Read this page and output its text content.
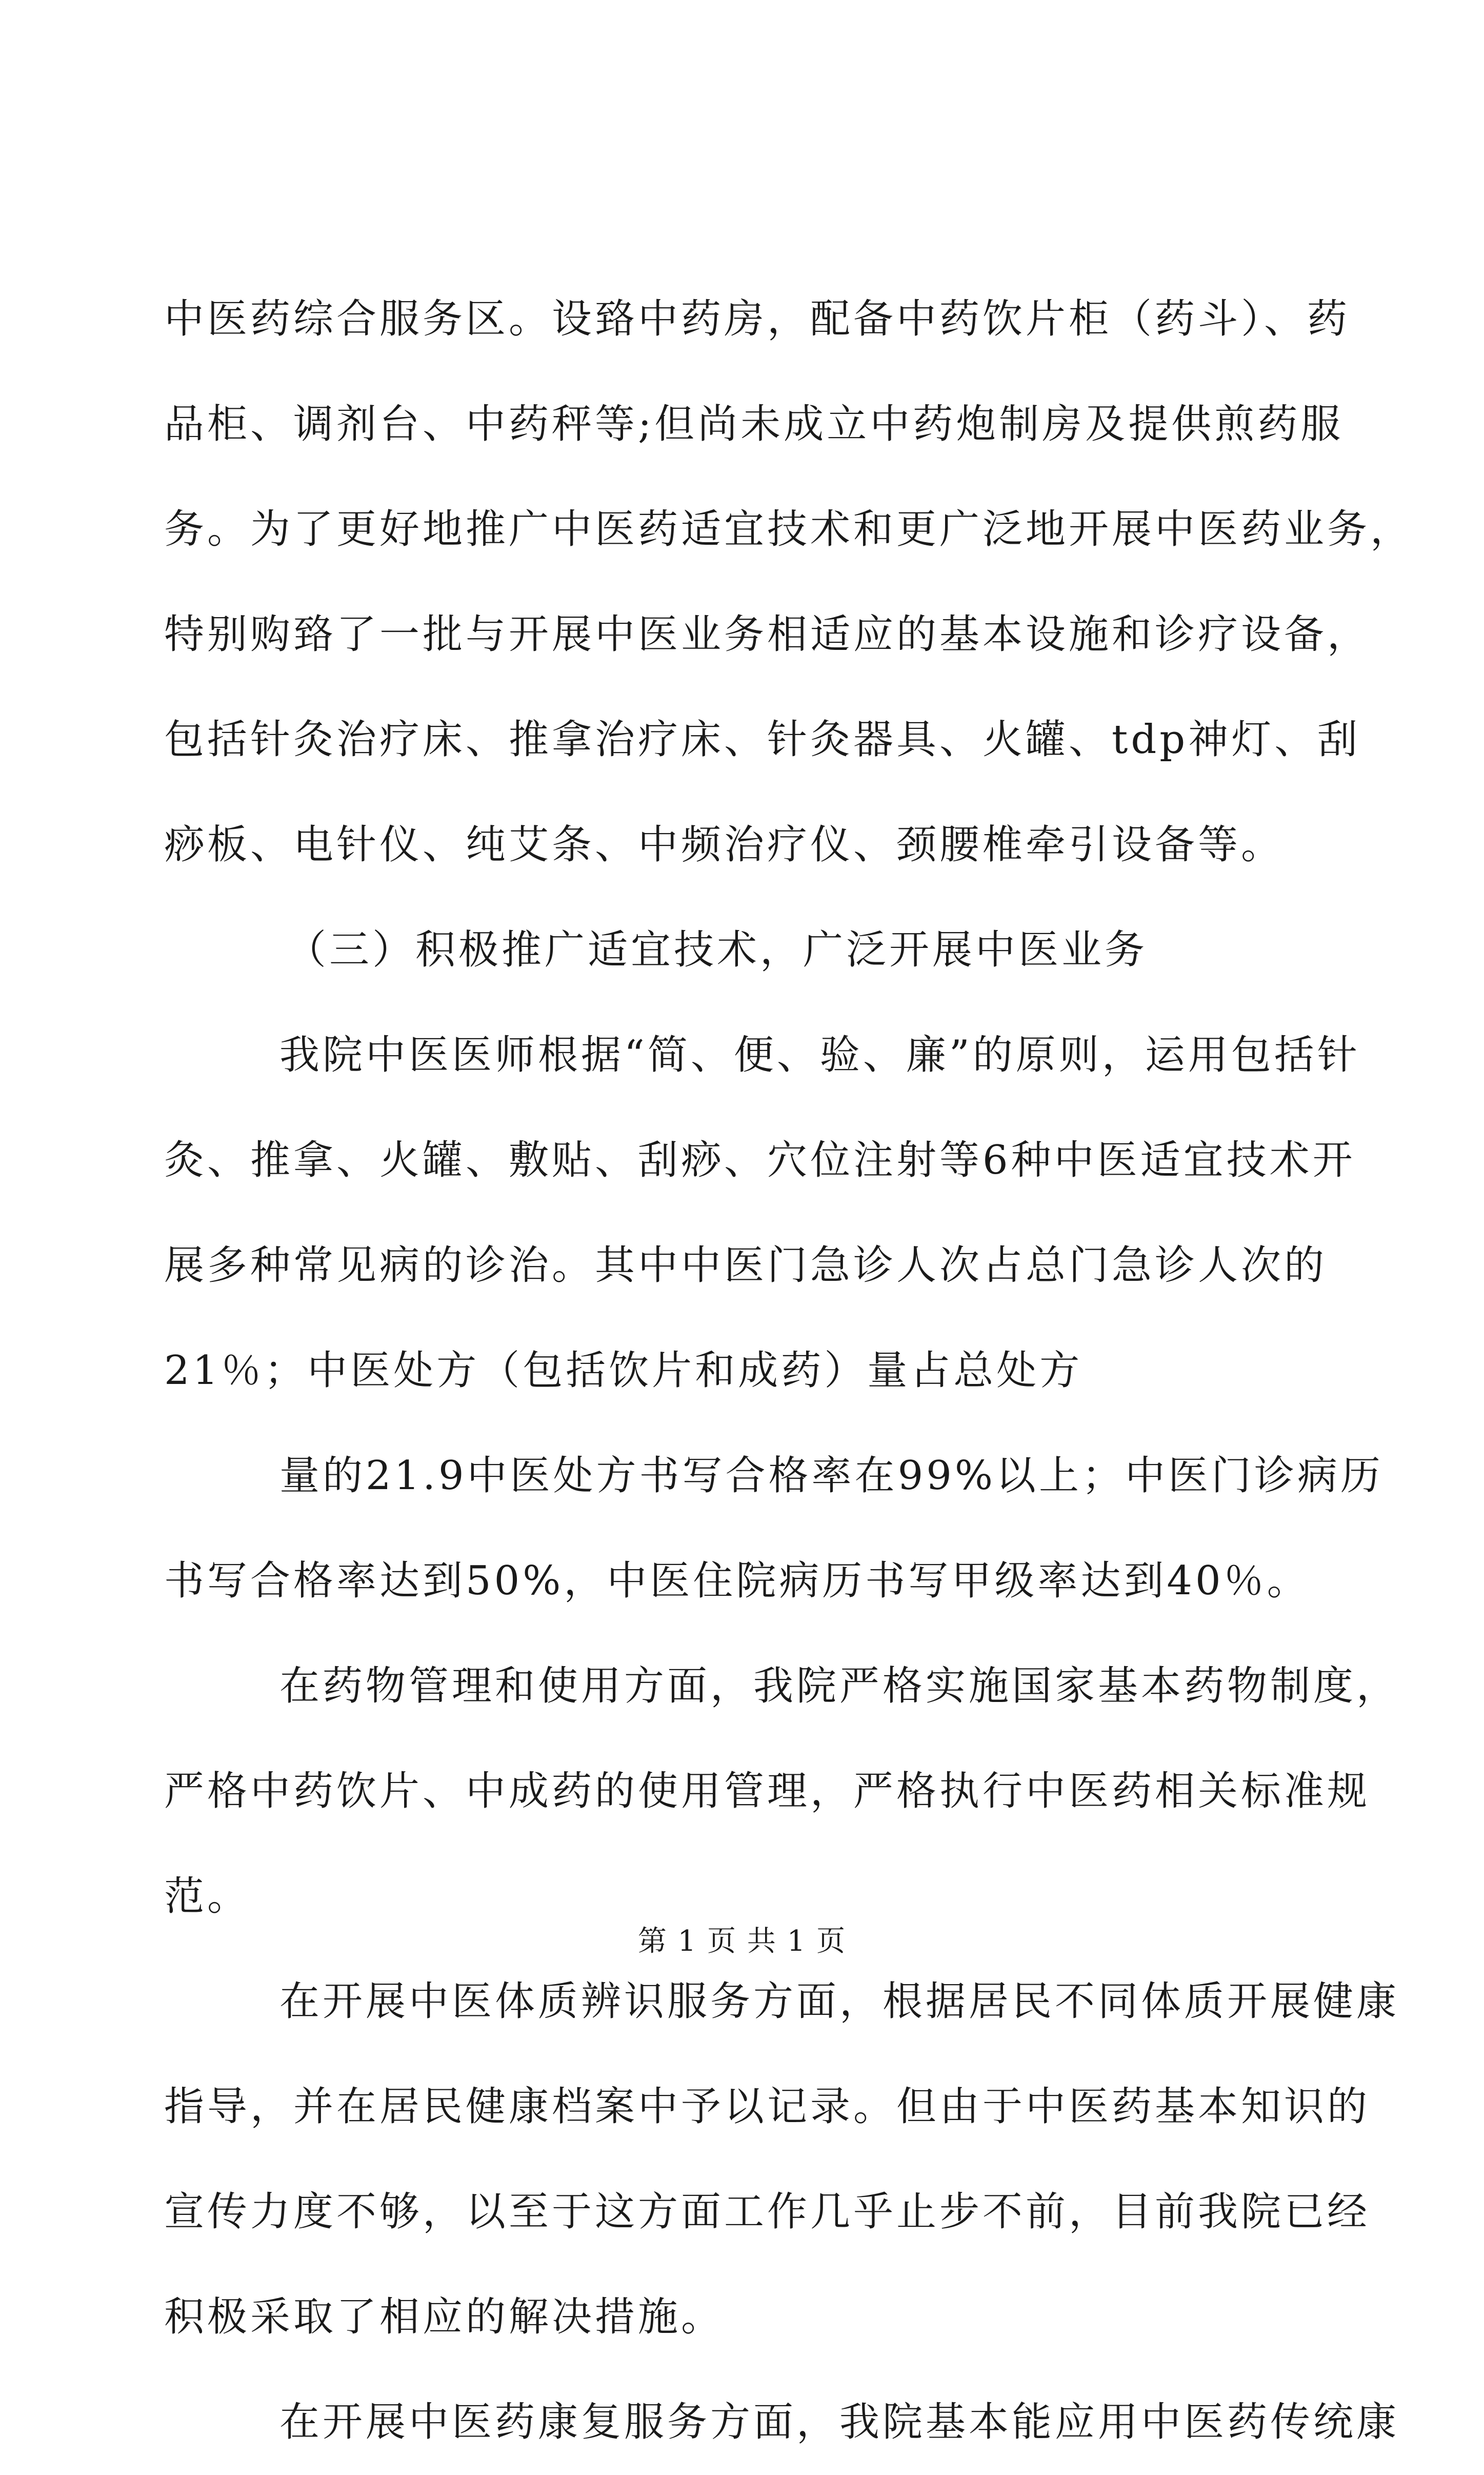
中医药综合服务区。设臵中药房，配备中药饮片柜（药斗）、药
品柜、调剂台、中药秤等;但尚未成立中药炮制房及提供煎药服
务。为了更好地推广中医药适宜技术和更广泛地开展中医药业务，
特别购臵了一批与开展中医业务相适应的基本设施和诊疗设备，
包括针灸治疗床、推拿治疗床、针灸器具、火罐、tdp神灯、刮
痧板、电针仪、纯艾条、中频治疗仪、颈腰椎牵引设备等。
（三）积极推广适宜技术，广泛开展中医业务
我院中医医师根据“简、便、验、廉”的原则，运用包括针
灸、推拿、火罐、敷贴、刮痧、穴位注射等6种中医适宜技术开
展多种常见病的诊治。其中中医门急诊人次占总门急诊人次的
21％；中医处方（包括饮片和成药）量占总处方
量的21.9中医处方书写合格率在99%以上；中医门诊病历
书写合格率达到50%，中医住院病历书写甲级率达到40％。
在药物管理和使用方面，我院严格实施国家基本药物制度，
严格中药饮片、中成药的使用管理，严格执行中医药相关标准规
范。
在开展中医体质辨识服务方面，根据居民不同体质开展健康
指导，并在居民健康档案中予以记录。但由于中医药基本知识的
宣传力度不够，以至于这方面工作几乎止步不前，目前我院已经
积极采取了相应的解决措施。
在开展中医药康复服务方面，我院基本能应用中医药传统康
第 1 页 共 1 页
